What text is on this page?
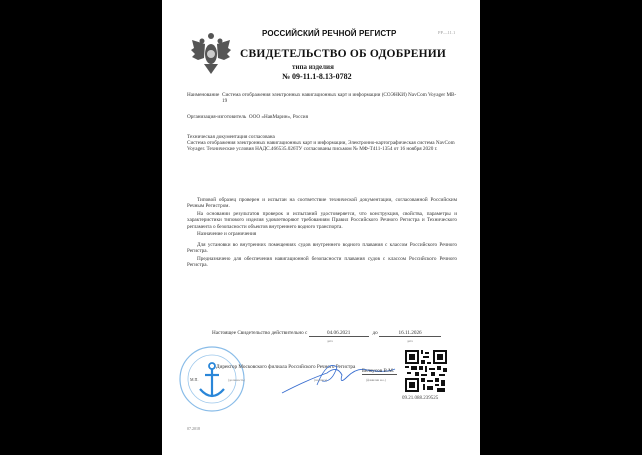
РОССИЙСКИЙ РЕЧНОЙ РЕГИСТР	РР—11.1
СВИДЕТЕЛЬСТВО ОБ ОДОБРЕНИИ
типа изделия
№ 09-11.1-8.13-0782
Наименование Система отображения электронных навигационных карт и информации (СОЭНКИ) NavCom Voyager MB-19
Организация-изготовитель ООО «НавМарин», Россия
Техническая документация согласована
Система отображения электронных навигационных карт и информации, Электронно-картографическая система NavCom Voyager. Технические условия НАДС.466535.026ТУ согласованы письмом № МФ-Т411-1354 от 16 ноября 2020 г.
Типовой образец проверен и испытан на соответствие технической документации, согласованной Российским Речным Регистром.
На основании результатов проверок и испытаний удостоверяется, что конструкция, свойства, параметры и характеристики типового изделия удовлетворяют требованиям Правил Российского Речного Регистра и Технического регламента о безопасности объектов внутреннего водного транспорта.
Назначение и ограничения
Для установки во внутренних помещениях судов внутреннего водного плавания с классом Российского Речного Регистра.
Предназначено для обеспечения навигационной безопасности плавания судов с классом Российского Речного Регистра.
Настоящее Свидетельство действительно с	04.06.2021	до	16.11.2026
дата	дата
Директор Московского филиала Российского Речного Регистра
М.П.	(должность)	(подпись)
Белоусов В.М.
(фамилия и.о.)
09.21.088.239525
07.2018
